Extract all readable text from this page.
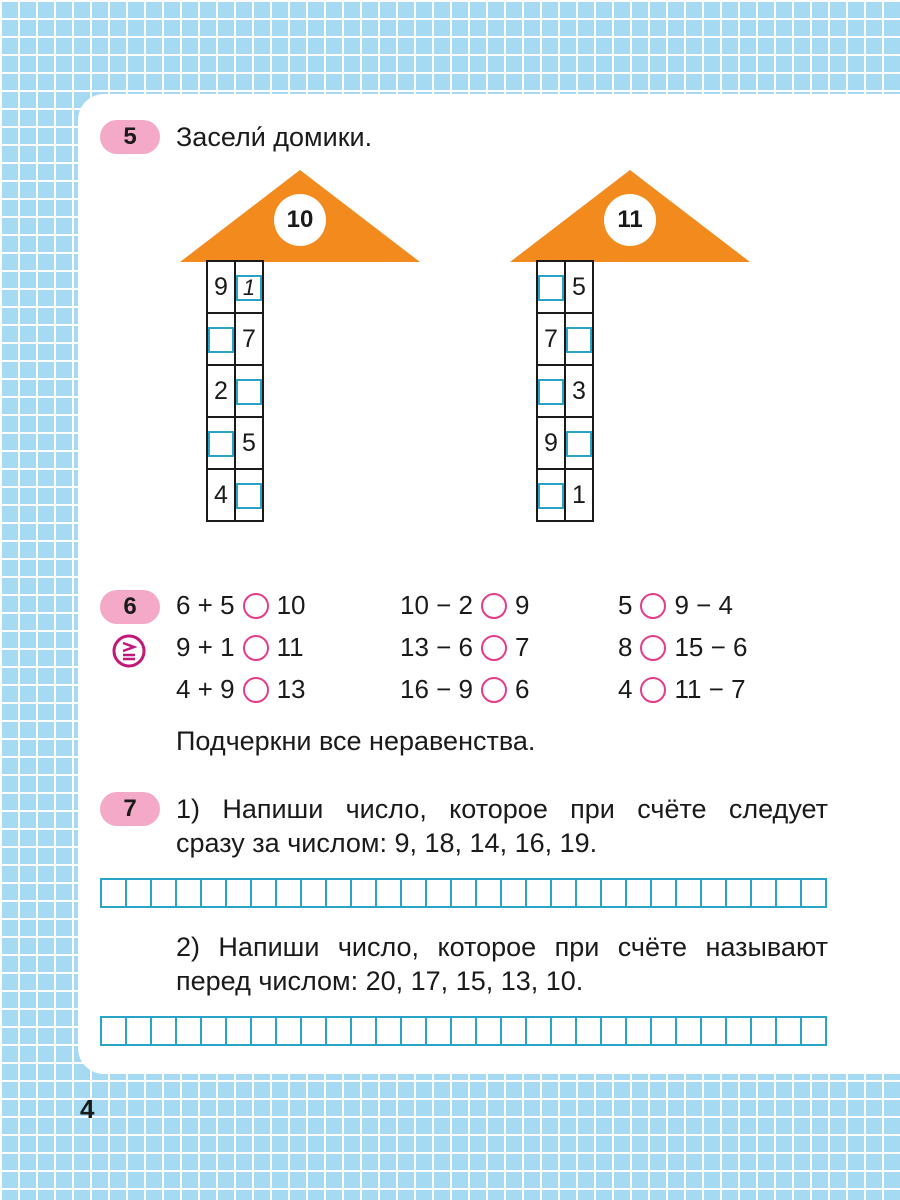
5	Засели́ домики.
10
9	1
	7
2	
	5
4	
11
	5
7	
	3
9	
	1
6	6 + 5 10	10 − 2 9	5 9 − 4
9 + 1 11	13 − 6 7	8 15 − 6
4 + 9 13	16 − 9 6	4 11 − 7
Подчеркни все неравенства.
7	1) Напиши число, которое при счёте следует
сразу за числом: 9, 18, 14, 16, 19.
2) Напиши число, которое при счёте называют
перед числом: 20, 17, 15, 13, 10.
4
